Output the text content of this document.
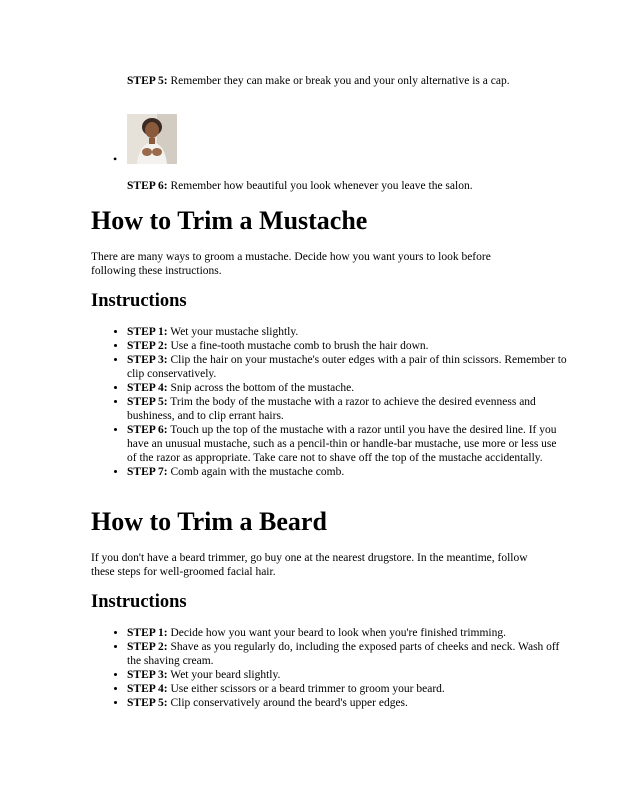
STEP 5: Remember they can make or break you and your only alternative is a cap.

•

STEP 6: Remember how beautiful you look whenever you leave the salon.

How to Trim a Mustache

There are many ways to groom a mustache. Decide how you want yours to look before following these instructions.

Instructions
• STEP 1: Wet your mustache slightly.
• STEP 2: Use a fine-tooth mustache comb to brush the hair down.
• STEP 3: Clip the hair on your mustache's outer edges with a pair of thin scissors. Remember to clip conservatively.
• STEP 4: Snip across the bottom of the mustache.
• STEP 5: Trim the body of the mustache with a razor to achieve the desired evenness and bushiness, and to clip errant hairs.
• STEP 6: Touch up the top of the mustache with a razor until you have the desired line. If you have an unusual mustache, such as a pencil-thin or handle-bar mustache, use more or less use of the razor as appropriate. Take care not to shave off the top of the mustache accidentally.
• STEP 7: Comb again with the mustache comb.
How to Trim a Beard

If you don't have a beard trimmer, go buy one at the nearest drugstore. In the meantime, follow these steps for well-groomed facial hair.

Instructions
• STEP 1: Decide how you want your beard to look when you're finished trimming.
• STEP 2: Shave as you regularly do, including the exposed parts of cheeks and neck. Wash off the shaving cream.
• STEP 3: Wet your beard slightly.
• STEP 4: Use either scissors or a beard trimmer to groom your beard.
• STEP 5: Clip conservatively around the beard's upper edges.
